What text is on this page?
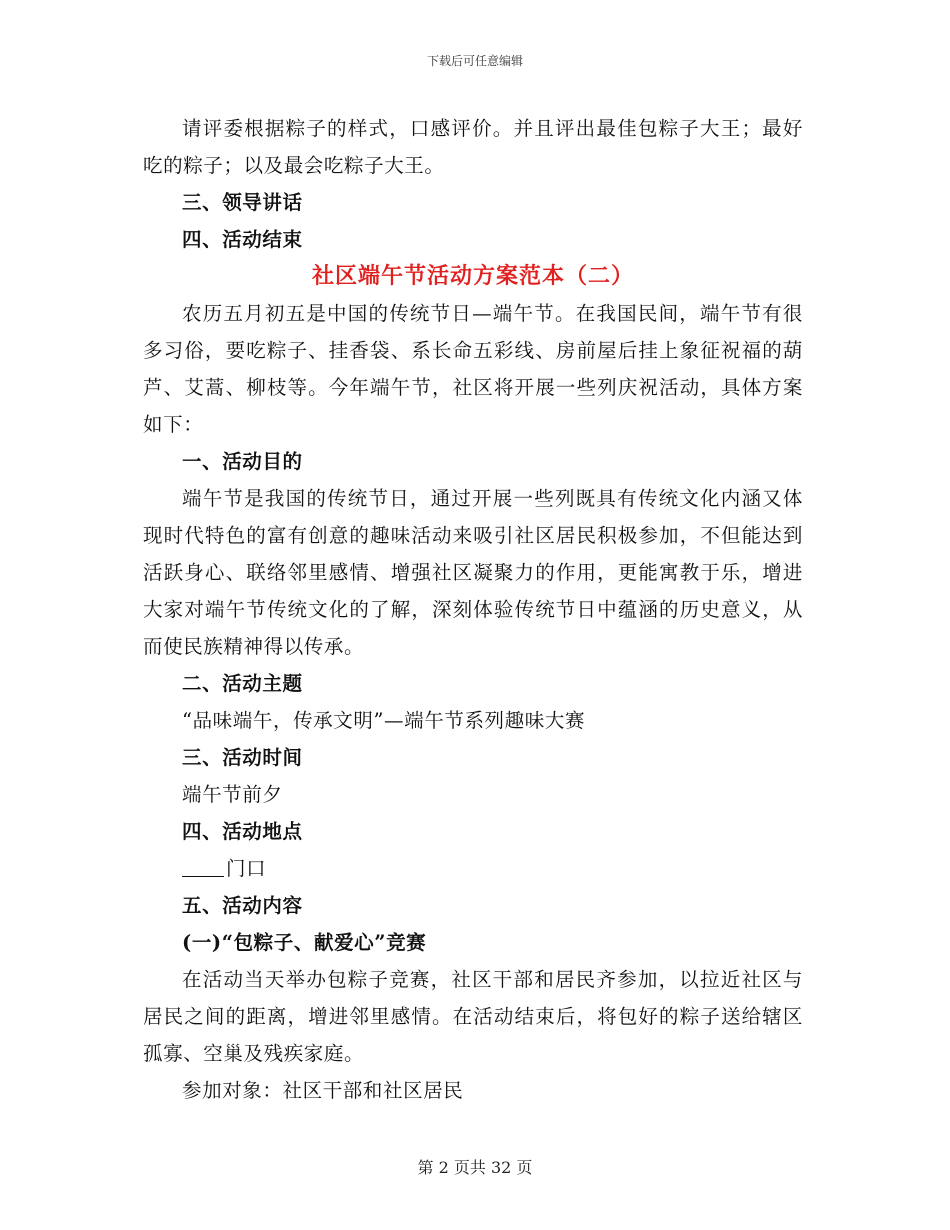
下载后可任意编辑

请评委根据粽子的样式，口感评价。并且评出最佳包粽子大王；最好吃的粽子；以及最会吃粽子大王。

三、领导讲话

四、活动结束

社区端午节活动方案范本（二）

农历五月初五是中国的传统节日—端午节。在我国民间，端午节有很多习俗，要吃粽子、挂香袋、系长命五彩线、房前屋后挂上象征祝福的葫芦、艾蒿、柳枝等。今年端午节，社区将开展一些列庆祝活动，具体方案如下：

一、活动目的

端午节是我国的传统节日，通过开展一些列既具有传统文化内涵又体现时代特色的富有创意的趣味活动来吸引社区居民积极参加，不但能达到活跃身心、联络邻里感情、增强社区凝聚力的作用，更能寓教于乐，增进大家对端午节传统文化的了解，深刻体验传统节日中蕴涵的历史意义，从而使民族精神得以传承。

二、活动主题

“品味端午，传承文明”—端午节系列趣味大赛

三、活动时间

端午节前夕

四、活动地点

门口

五、活动内容

(一)“包粽子、献爱心”竞赛

在活动当天举办包粽子竞赛，社区干部和居民齐参加，以拉近社区与居民之间的距离，增进邻里感情。在活动结束后，将包好的粽子送给辖区孤寡、空巢及残疾家庭。

参加对象：社区干部和社区居民

第 2 页共 32 页
